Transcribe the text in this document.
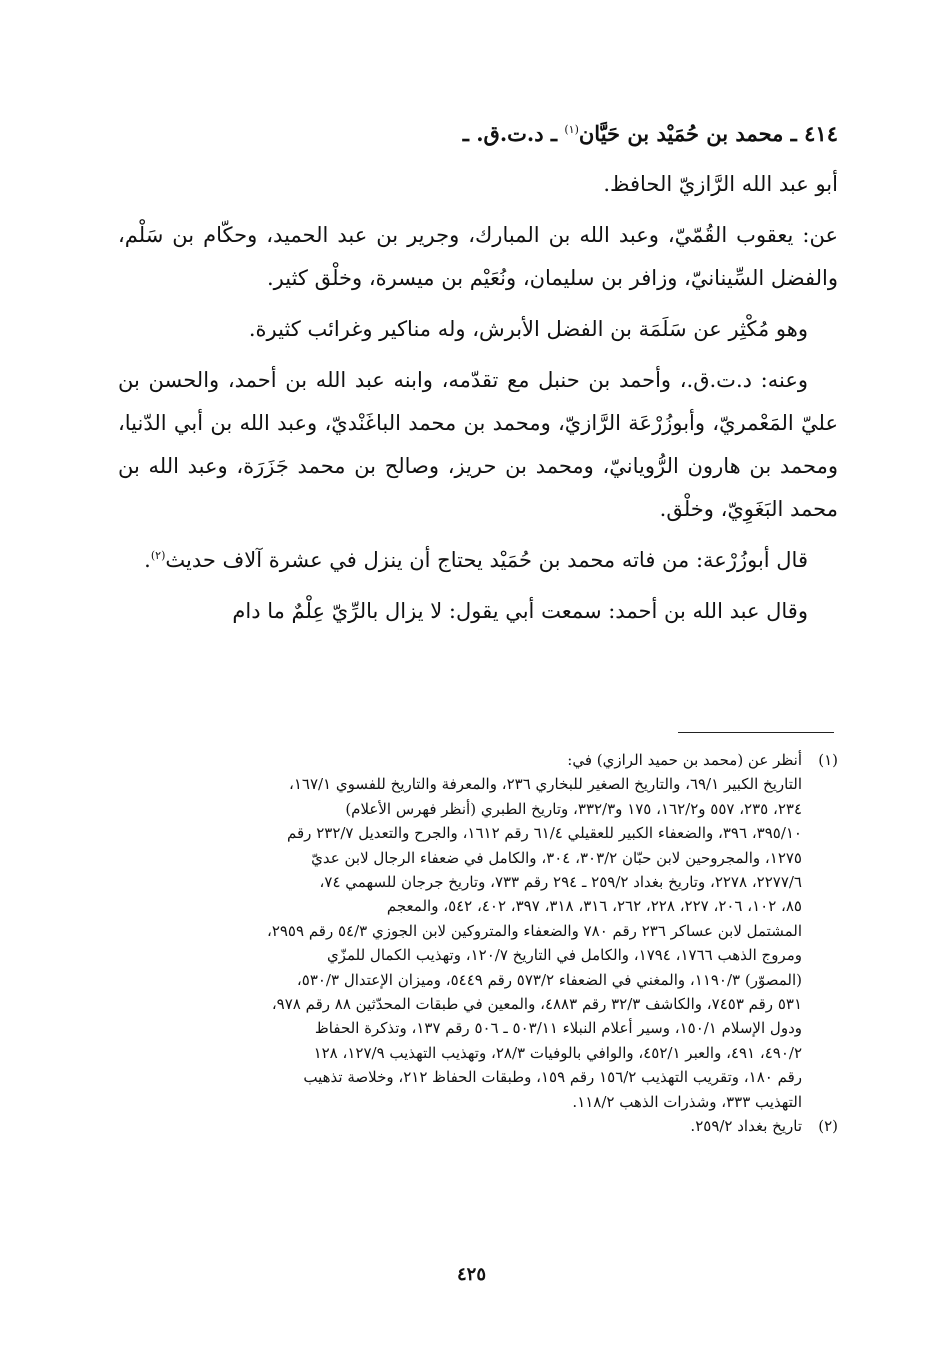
٤١٤ ـ محمد بن حُمَيْد بن حَيَّان$^{(١)}$ ـ د.ت.ق. ـ

أبو عبد الله الرَّازيّ الحافظ.

عن: يعقوب القُمّيّ، وعبد الله بن المبارك، وجرير بن عبد الحميد، وحكّام بن سَلْم، والفضل السِّينانيّ، وزافر بن سليمان، ونُعَيْم بن ميسرة، وخلْق كثير.

وهو مُكْثِر عن سَلَمَة بن الفضل الأبرش، وله مناكير وغرائب كثيرة.

وعنه: د.ت.ق.، وأحمد بن حنبل مع تقدّمه، وابنه عبد الله بن أحمد، والحسن بن عليّ المَعْمريّ، وأبوزُرْعَة الرَّازيّ، ومحمد بن محمد الباغَنْديّ، وعبد الله بن أبي الدّنيا، ومحمد بن هارون الرُّويانيّ، ومحمد بن حريز، وصالح بن محمد جَزَرَة، وعبد الله بن محمد البَغَوِيّ، وخلْق.

قال أبوزُرْعة: من فاته محمد بن حُمَيْد يحتاج أن ينزل في عشرة آلاف حديث$^{(٢)}$.

وقال عبد الله بن أحمد: سمعت أبي يقول: لا يزال بالرِّيّ عِلْمٌ ما دام

(١)
أنظر عن (محمد بن حميد الرازي) في:
التاريخ الكبير ٦٩/١، والتاريخ الصغير للبخاري ٢٣٦، والمعرفة والتاريخ للفسوي ١٦٧/١،
٢٣٤، ٢٣٥، ٥٥٧ و١٦٢/٢، ١٧٥ و٣٣٢/٣، وتاريخ الطبري (أنظر فهرس الأعلام)
٣٩٥/١٠، ٣٩٦، والضعفاء الكبير للعقيلي ٦١/٤ رقم ١٦١٢، والجرح والتعديل ٢٣٢/٧ رقم
١٢٧٥، والمجروحين لابن حبّان ٣٠٣/٢، ٣٠٤، والكامل في ضعفاء الرجال لابن عديّ
٢٢٧٧/٦، ٢٢٧٨، وتاريخ بغداد ٢٥٩/٢ ـ ٢٩٤ رقم ٧٣٣، وتاريخ جرجان للسهمي ٧٤،
٨٥، ١٠٢، ٢٠٦، ٢٢٧، ٢٢٨، ٢٦٢، ٣١٦، ٣١٨، ٣٩٧، ٤٠٢، ٥٤٢، والمعجم
المشتمل لابن عساكر ٢٣٦ رقم ٧٨٠ والضعفاء والمتروكين لابن الجوزي ٥٤/٣ رقم ٢٩٥٩،
ومروج الذهب ١٧٦٦، ١٧٩٤، والكامل في التاريخ ١٢٠/٧، وتهذيب الكمال للمزّي
(المصوّر) ١١٩٠/٣، والمغني في الضعفاء ٥٧٣/٢ رقم ٥٤٤٩، وميزان الإعتدال ٥٣٠/٣،
٥٣١ رقم ٧٤٥٣، والكاشف ٣٢/٣ رقم ٤٨٨٣، والمعين في طبقات المحدّثين ٨٨ رقم ٩٧٨،
ودول الإسلام ١٥٠/١، وسير أعلام النبلاء ٥٠٣/١١ ـ ٥٠٦ رقم ١٣٧، وتذكرة الحفاظ
٤٩٠/٢، ٤٩١، والعبر ٤٥٢/١، والوافي بالوفيات ٢٨/٣، وتهذيب التهذيب ١٢٧/٩، ١٢٨
رقم ١٨٠، وتقريب التهذيب ١٥٦/٢ رقم ١٥٩، وطبقات الحفاظ ٢١٢، وخلاصة تذهيب
التهذيب ٣٣٣، وشذرات الذهب ١١٨/٢.
(٢)
تاريخ بغداد ٢٥٩/٢.
٤٢٥
